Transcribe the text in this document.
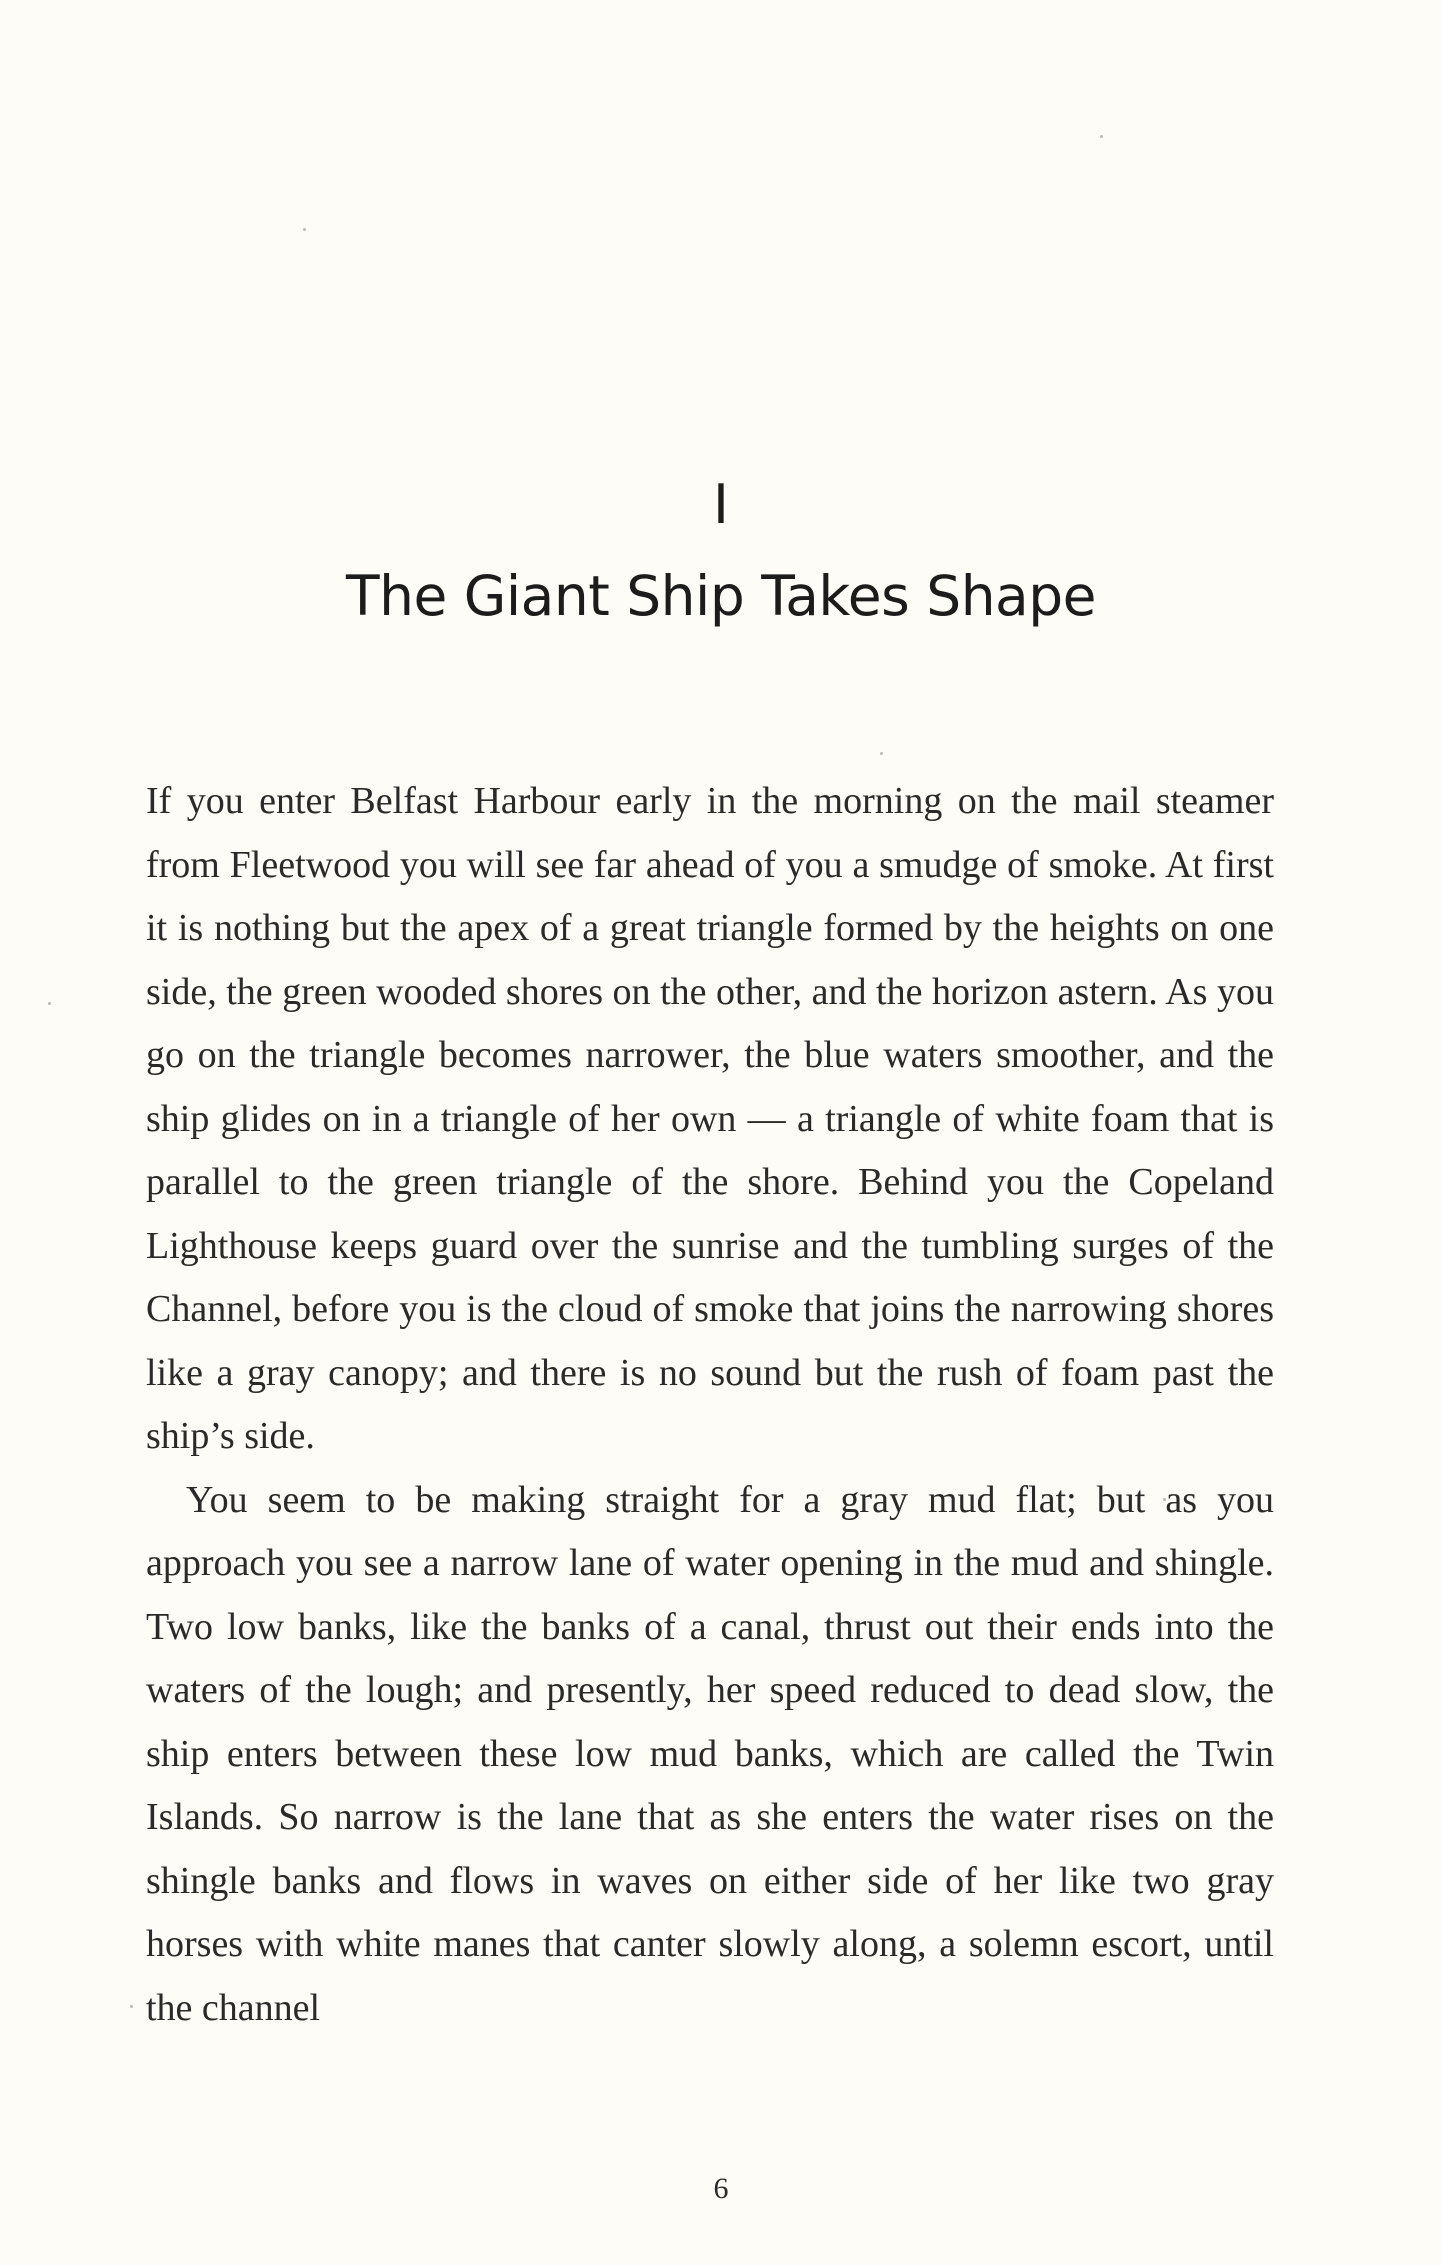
I
The Giant Ship Takes Shape

If you enter Belfast Harbour early in the morning on the mail steamer from Fleetwood you will see far ahead of you a smudge of smoke. At first it is nothing but the apex of a great triangle formed by the heights on one side, the green wooded shores on the other, and the horizon astern. As you go on the triangle becomes narrower, the blue waters smoother, and the ship glides on in a triangle of her own — a triangle of white foam that is parallel to the green triangle of the shore. Behind you the Copeland Lighthouse keeps guard over the sunrise and the tumbling surges of the Channel, before you is the cloud of smoke that joins the narrowing shores like a gray canopy; and there is no sound but the rush of foam past the ship’s side.

You seem to be making straight for a gray mud flat; but as you approach you see a narrow lane of water opening in the mud and shingle. Two low banks, like the banks of a canal, thrust out their ends into the waters of the lough; and presently, her speed reduced to dead slow, the ship enters between these low mud banks, which are called the Twin Islands. So narrow is the lane that as she enters the water rises on the shingle banks and flows in waves on either side of her like two gray horses with white manes that canter slowly along, a solemn escort, until the channel

6
